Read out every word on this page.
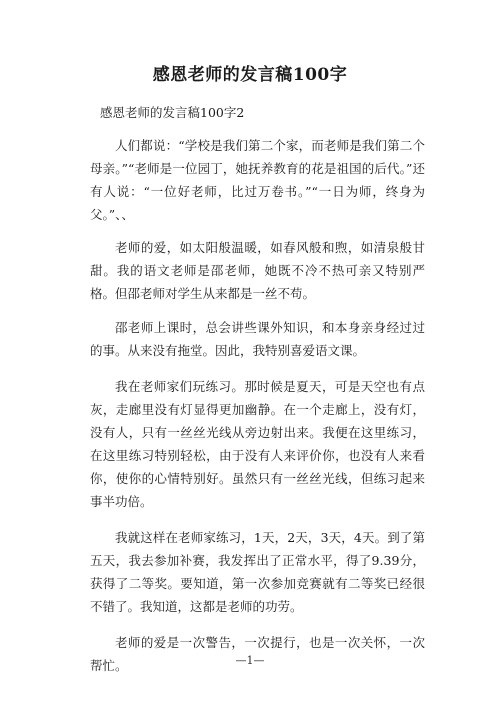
感恩老师的发言稿100字
感恩老师的发言稿100字2

人们都说：“学校是我们第二个家，而老师是我们第二个母亲。”“老师是一位园丁，她抚养教育的花是祖国的后代。”还有人说：“一位好老师，比过万卷书。”“一日为师，终身为父。”、、

老师的爱，如太阳般温暖，如春风般和煦，如清泉般甘甜。我的语文老师是邵老师，她既不冷不热可亲又特别严格。但邵老师对学生从来都是一丝不苟。

邵老师上课时，总会讲些课外知识，和本身亲身经过过的事。从来没有拖堂。因此，我特别喜爱语文课。

我在老师家们玩练习。那时候是夏天，可是天空也有点灰，走廊里没有灯显得更加幽静。在一个走廊上，没有灯，没有人，只有一丝丝光线从旁边射出来。我便在这里练习，在这里练习特别轻松，由于没有人来评价你，也没有人来看你，使你的心情特别好。虽然只有一丝丝光线，但练习起来事半功倍。

我就这样在老师家练习，1天，2天，3天，4天。到了第五天，我去参加补赛，我发挥出了正常水平，得了9.39分，获得了二等奖。要知道，第一次参加竞赛就有二等奖已经很不错了。我知道，这都是老师的功劳。

老师的爱是一次警告，一次提行，也是一次关怀，一次帮忙。	—1—
